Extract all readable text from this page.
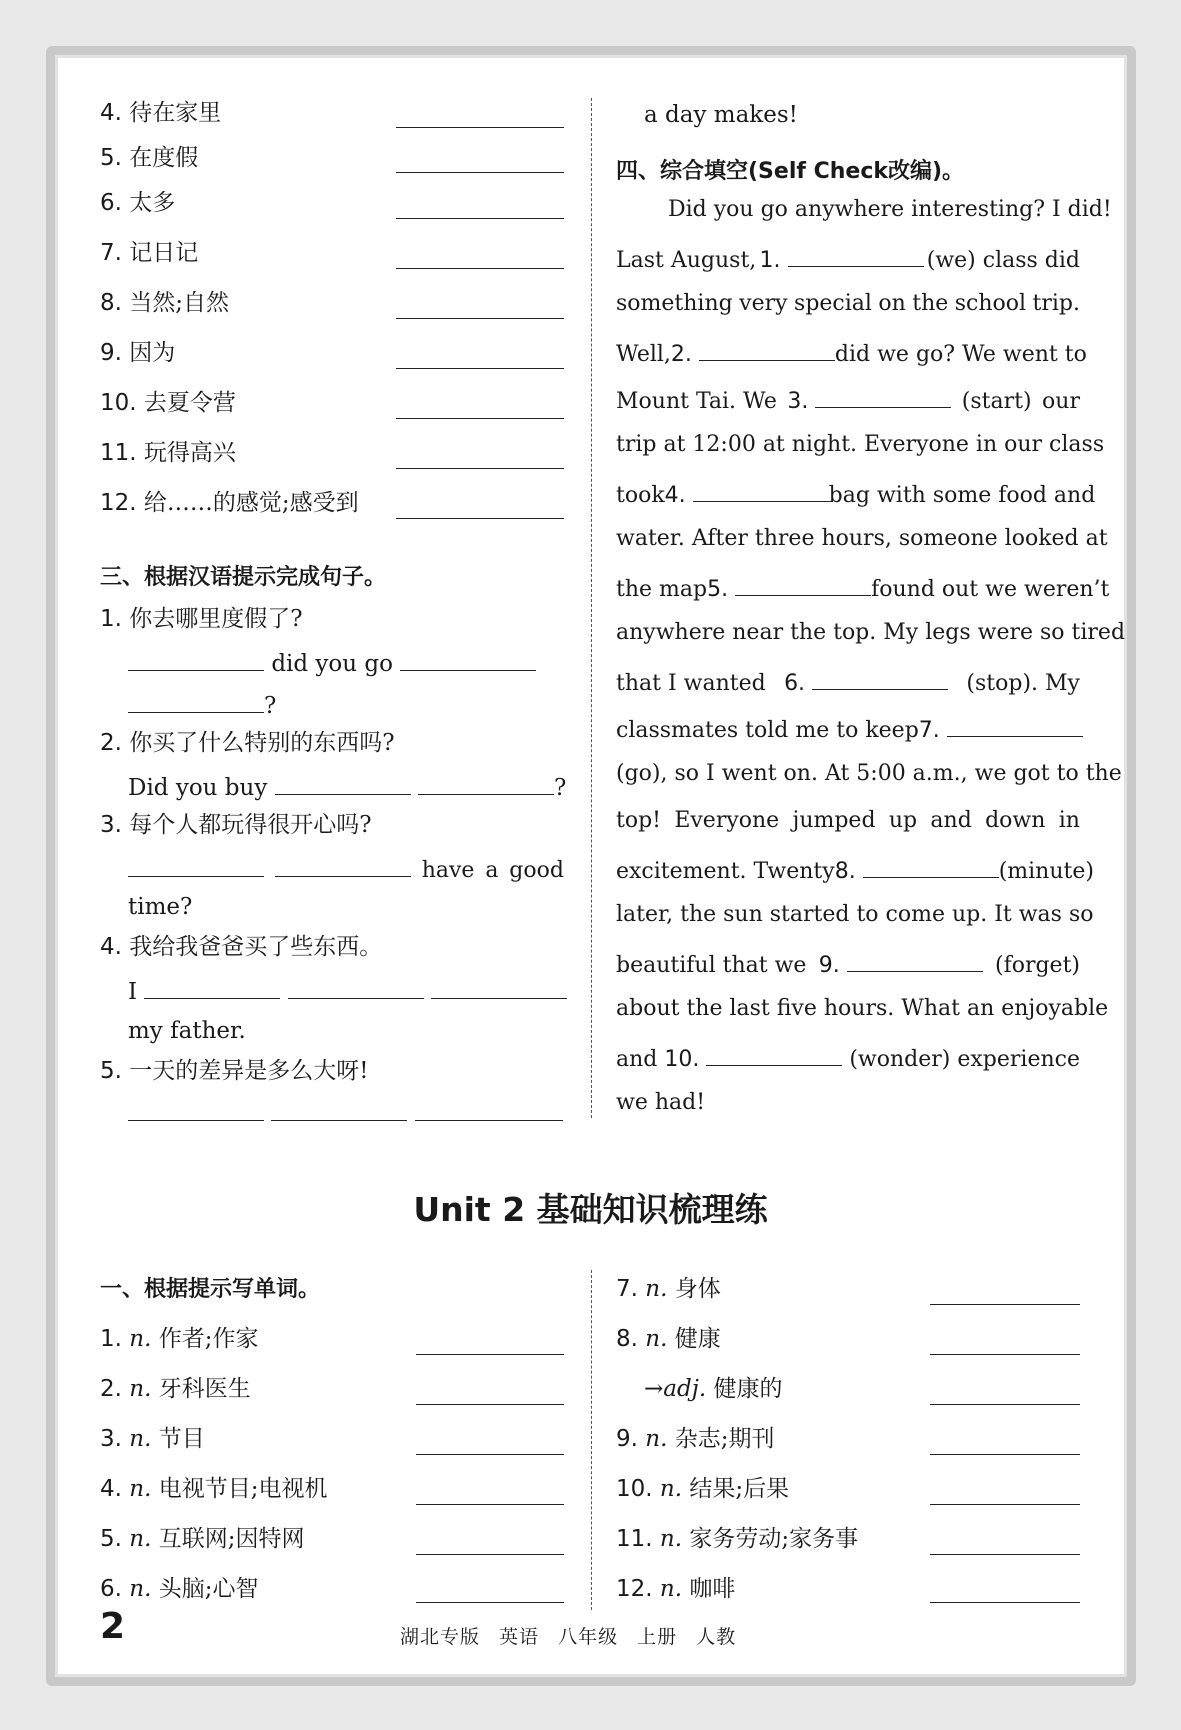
4. 待在家里
5. 在度假
6. 太多
7. 记日记
8. 当然;自然
9. 因为
10. 去夏令营
11. 玩得高兴
12. 给……的感觉;感受到
三、根据汉语提示完成句子。
1. 你去哪里度假了?
did you go
?
2. 你买了什么特别的东西吗?
Did you buy	?
3. 每个人都玩得很开心吗?
have a good
time?
4. 我给我爸爸买了些东西。
I
my father.
5. 一天的差异是多么大呀!

a day makes!
四、综合填空(Self Check改编)。
Did you go anywhere interesting? I did!
Last August, 1.	(we) class did
something very special on the school trip.
Well,2.	did we go? We went to
Mount Tai. We 3.	(start) our
trip at 12:00 at night. Everyone in our class
took 4.	bag with some food and
water. After three hours, someone looked at
the map 5.	found out we weren’t
anywhere near the top. My legs were so tired
that I wanted 6.	(stop). My
classmates told me to keep 7.
(go), so I went on. At 5:00 a.m., we got to the
top! Everyone jumped up and down in
excitement. Twenty 8.	(minute)
later, the sun started to come up. It was so
beautiful that we 9.	(forget)
about the last five hours. What an enjoyable
and 10.	(wonder) experience
we had!
Unit 2 基础知识梳理练
一、根据提示写单词。
1. n. 作者;作家
2. n. 牙科医生
3. n. 节目
4. n. 电视节目;电视机
5. n. 互联网;因特网
6. n. 头脑;心智
7. n. 身体
8. n. 健康
→adj. 健康的
9. n. 杂志;期刊
10. n. 结果;后果
11. n. 家务劳动;家务事
12. n. 咖啡
2	湖北专版 英语 八年级 上册 人教
